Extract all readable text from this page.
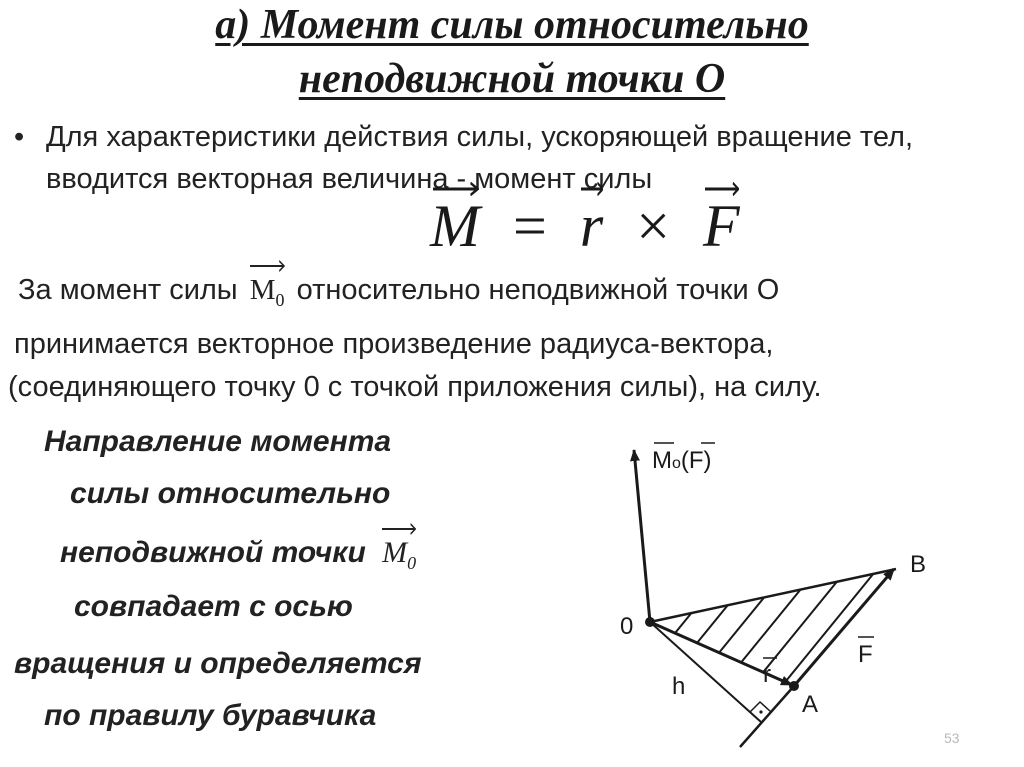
а) Момент силы относительно
неподвижной точки О
• Для характеристики действия силы, ускоряющей вращение тел, вводится векторная величина - момент силы
M = r × F
За момент силы $M_0$ относительно неподвижной точки О
принимается векторное произведение радиуса-вектора,
(соединяющего точку 0 с точкой приложения силы), на силу.
Направление момента
силы относительно
неподвижной точки $M_0$
совпадает с осью
вращения и определяется
по правилу буравчика
Mo(F)
0
B
A
F
r
h
53
